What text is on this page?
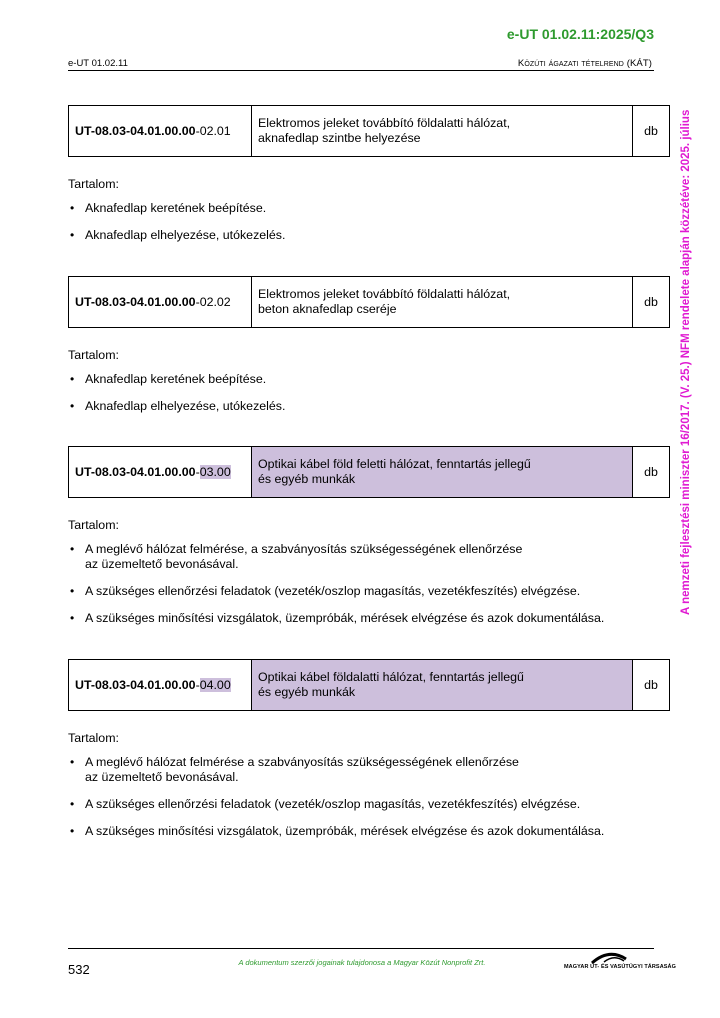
e-UT 01.02.11:2025/Q3
e-UT 01.02.11	Közúti ágazati tételrend (KÁT)
A nemzeti fejlesztési miniszter 16/2017. (V. 25.) NFM rendelete alapján közzétéve: 2025. július
UT-08.03-04.01.00.00-02.01	Elektromos jeleket továbbító földalatti hálózat,
aknafedlap szintbe helyezése	db
Tartalom:
• Aknafedlap keretének beépítése.
• Aknafedlap elhelyezése, utókezelés.
UT-08.03-04.01.00.00-02.02	Elektromos jeleket továbbító földalatti hálózat,
beton aknafedlap cseréje	db
Tartalom:
• Aknafedlap keretének beépítése.
• Aknafedlap elhelyezése, utókezelés.
UT-08.03-04.01.00.00-03.00	Optikai kábel föld feletti hálózat, fenntartás jellegű
és egyéb munkák	db
Tartalom:
• A meglévő hálózat felmérése, a szabványosítás szükségességének ellenőrzése
az üzemeltető bevonásával.
• A szükséges ellenőrzési feladatok (vezeték/oszlop magasítás, vezetékfeszítés) elvégzése.
• A szükséges minősítési vizsgálatok, üzempróbák, mérések elvégzése és azok dokumentálása.
UT-08.03-04.01.00.00-04.00	Optikai kábel földalatti hálózat, fenntartás jellegű
és egyéb munkák	db
Tartalom:
• A meglévő hálózat felmérése a szabványosítás szükségességének ellenőrzése
az üzemeltető bevonásával.
• A szükséges ellenőrzési feladatok (vezeték/oszlop magasítás, vezetékfeszítés) elvégzése.
• A szükséges minősítési vizsgálatok, üzempróbák, mérések elvégzése és azok dokumentálása.
532	A dokumentum szerzői jogainak tulajdonosa a Magyar Közút Nonprofit Zrt.	MAGYAR ÚT- ÉS VASÚTÜGYI TÁRSASÁG
